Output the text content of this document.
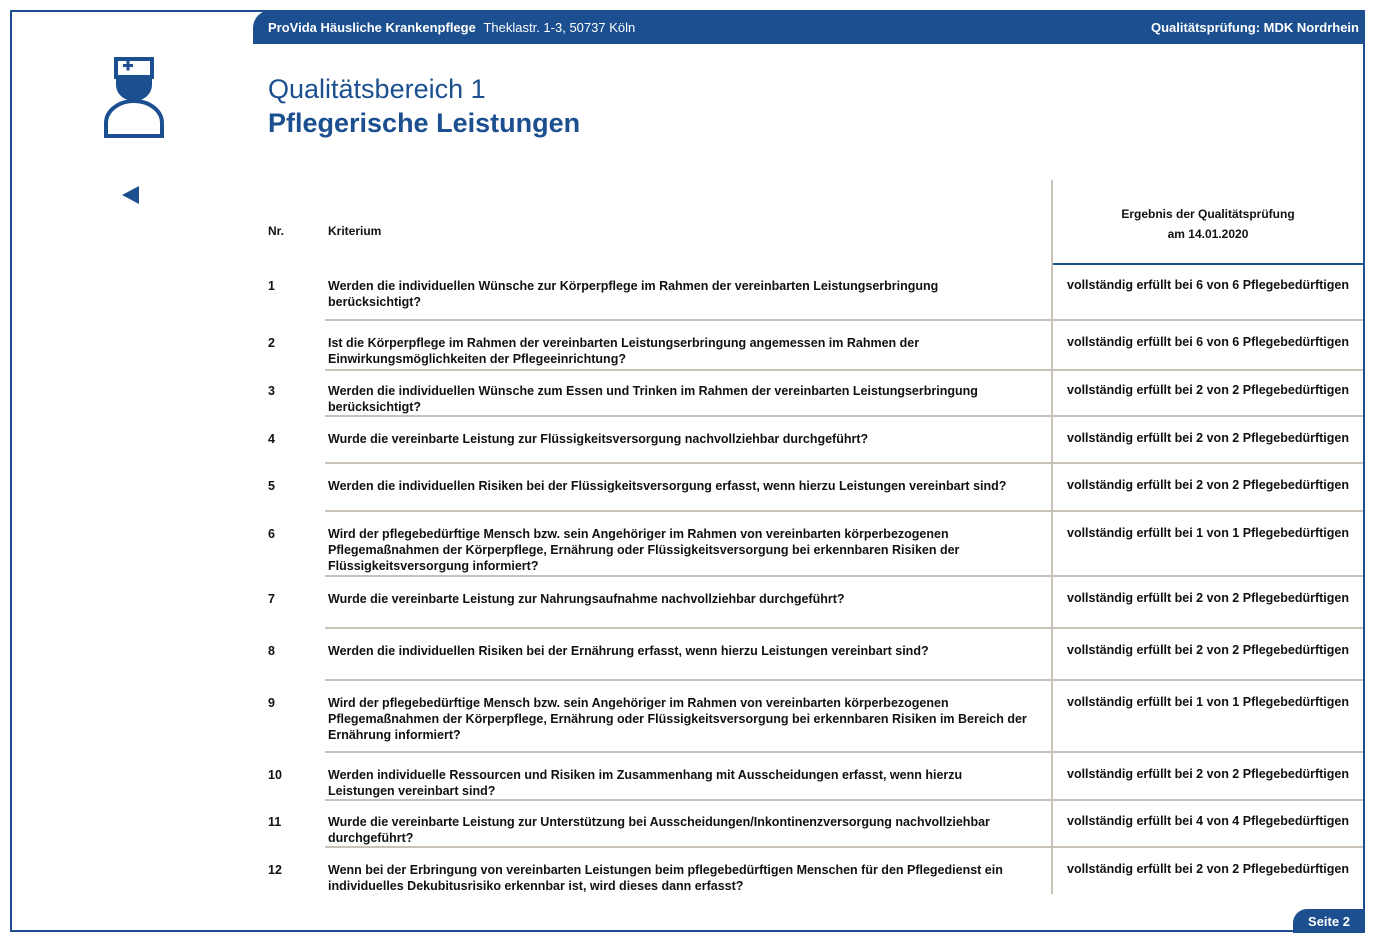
ProVida Häusliche Krankenpflege Theklastr. 1-3, 50737 Köln	Qualitätsprüfung: MDK Nordrhein
Qualitätsbereich 1
Pflegerische Leistungen
Nr.	Kriterium
Ergebnis der Qualitätsprüfung
am 14.01.2020
1	Werden die individuellen Wünsche zur Körperpflege im Rahmen der vereinbarten Leistungserbringung berücksichtigt?
vollständig erfüllt bei 6 von 6 Pflegebedürftigen
2	Ist die Körperpflege im Rahmen der vereinbarten Leistungserbringung angemessen im Rahmen der Einwirkungsmöglichkeiten der Pflegeeinrichtung?
vollständig erfüllt bei 6 von 6 Pflegebedürftigen
3	Werden die individuellen Wünsche zum Essen und Trinken im Rahmen der vereinbarten Leistungserbringung berücksichtigt?
vollständig erfüllt bei 2 von 2 Pflegebedürftigen
4	Wurde die vereinbarte Leistung zur Flüssigkeitsversorgung nachvollziehbar durchgeführt?	vollständig erfüllt bei 2 von 2 Pflegebedürftigen
5	Werden die individuellen Risiken bei der Flüssigkeitsversorgung erfasst, wenn hierzu Leistungen vereinbart sind?	vollständig erfüllt bei 2 von 2 Pflegebedürftigen
6	Wird der pflegebedürftige Mensch bzw. sein Angehöriger im Rahmen von vereinbarten körperbezogenen Pflegemaßnahmen der Körperpflege, Ernährung oder Flüssigkeitsversorgung bei erkennbaren Risiken der Flüssigkeitsversorgung informiert?
vollständig erfüllt bei 1 von 1 Pflegebedürftigen
7	Wurde die vereinbarte Leistung zur Nahrungsaufnahme nachvollziehbar durchgeführt?	vollständig erfüllt bei 2 von 2 Pflegebedürftigen
8	Werden die individuellen Risiken bei der Ernährung erfasst, wenn hierzu Leistungen vereinbart sind?	vollständig erfüllt bei 2 von 2 Pflegebedürftigen
9	Wird der pflegebedürftige Mensch bzw. sein Angehöriger im Rahmen von vereinbarten körperbezogenen Pflegemaßnahmen der Körperpflege, Ernährung oder Flüssigkeitsversorgung bei erkennbaren Risiken im Bereich der Ernährung informiert?
vollständig erfüllt bei 1 von 1 Pflegebedürftigen
10	Werden individuelle Ressourcen und Risiken im Zusammenhang mit Ausscheidungen erfasst, wenn hierzu Leistungen vereinbart sind?
vollständig erfüllt bei 2 von 2 Pflegebedürftigen
11	Wurde die vereinbarte Leistung zur Unterstützung bei Ausscheidungen/Inkontinenzversorgung nachvollziehbar durchgeführt?
vollständig erfüllt bei 4 von 4 Pflegebedürftigen
12	Wenn bei der Erbringung von vereinbarten Leistungen beim pflegebedürftigen Menschen für den Pflegedienst ein individuelles Dekubitusrisiko erkennbar ist, wird dieses dann erfasst?
vollständig erfüllt bei 2 von 2 Pflegebedürftigen
Seite 2
